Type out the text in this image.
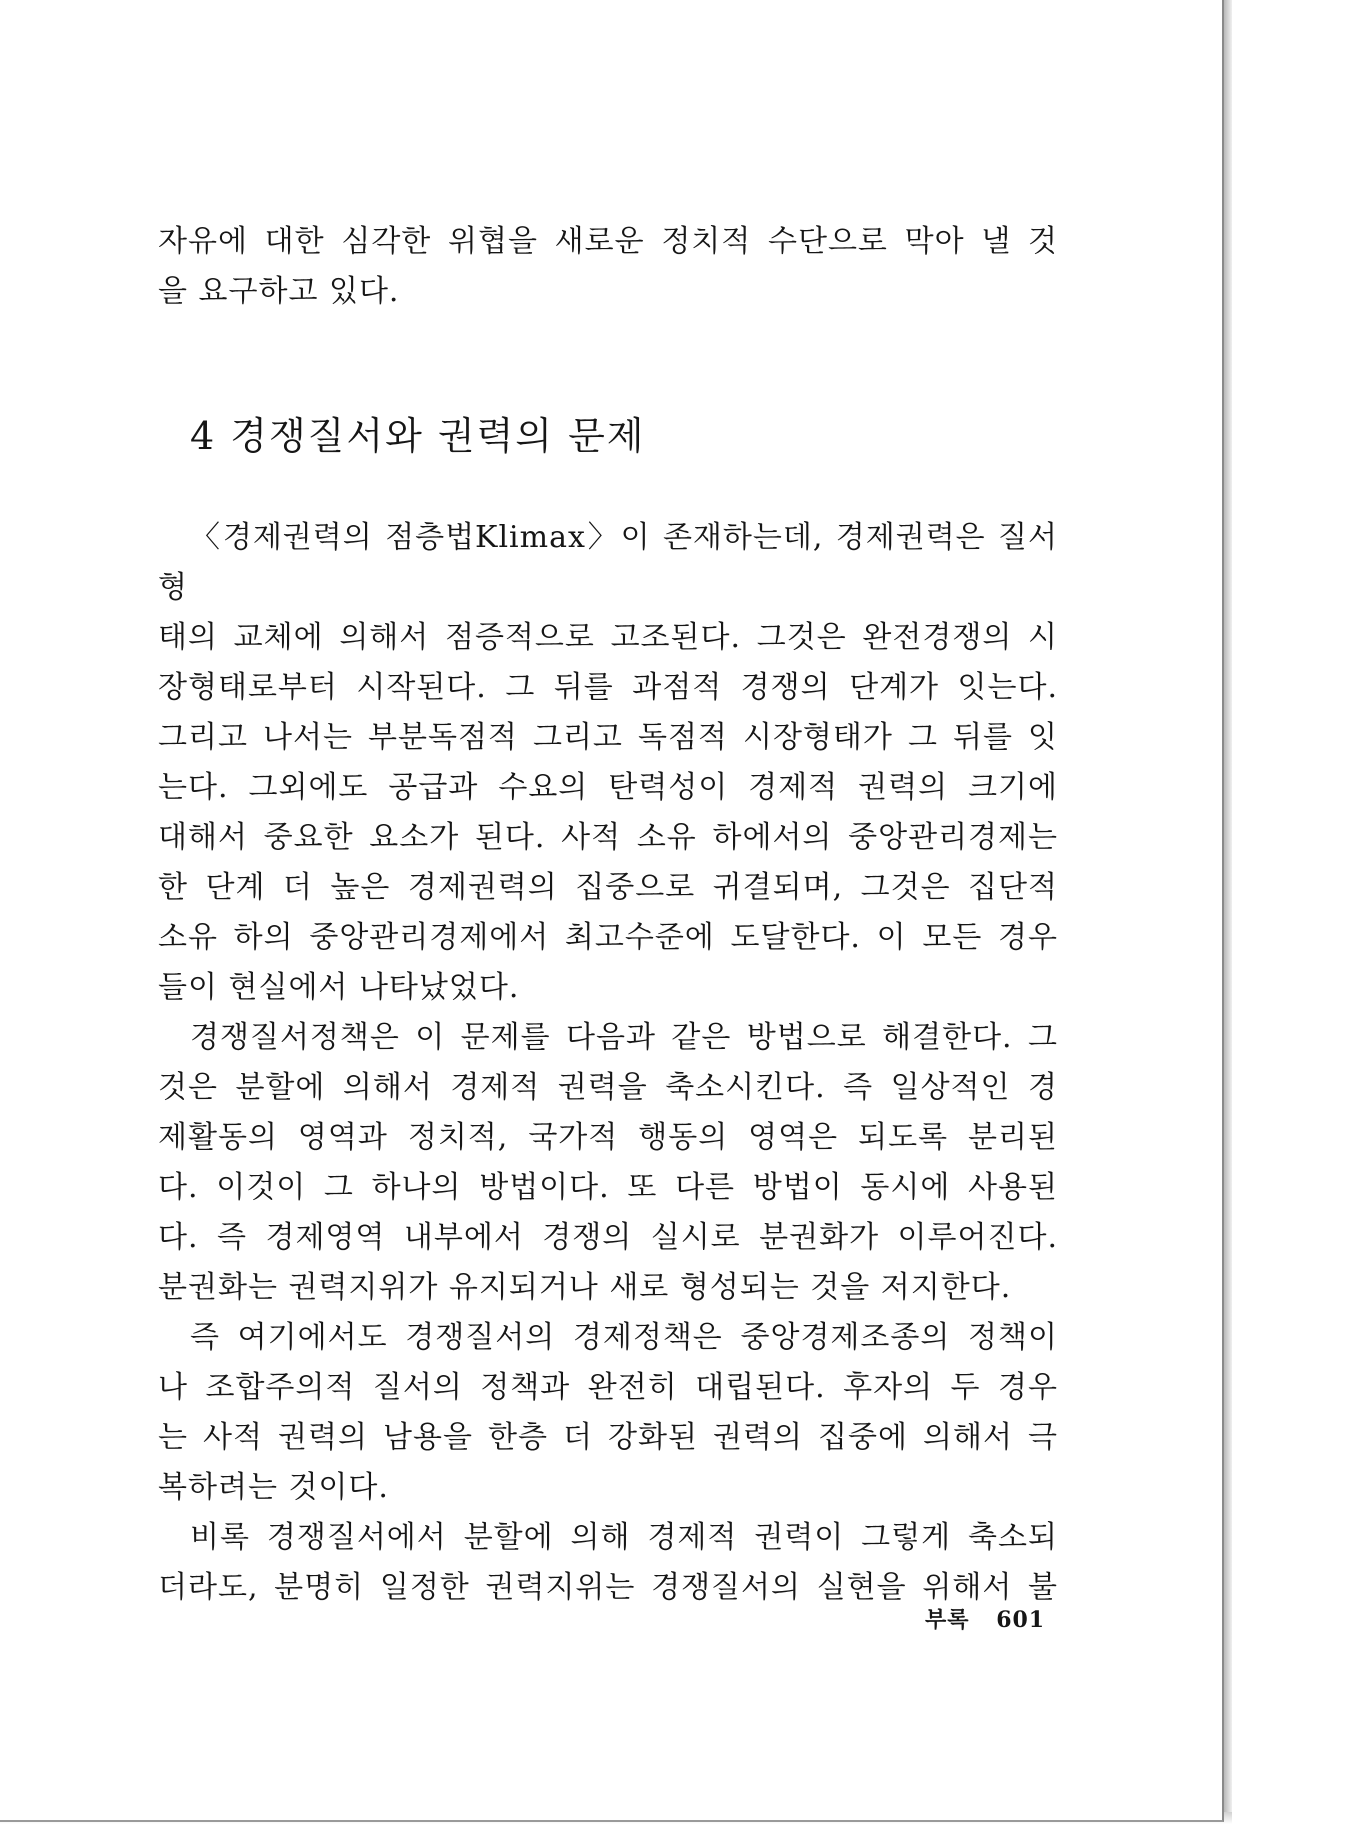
자유에 대한 심각한 위협을 새로운 정치적 수단으로 막아 낼 것

을 요구하고 있다.

4 경쟁질서와 권력의 문제

〈경제권력의 점층법Klimax〉이 존재하는데, 경제권력은 질서형

태의 교체에 의해서 점증적으로 고조된다. 그것은 완전경쟁의 시

장형태로부터 시작된다. 그 뒤를 과점적 경쟁의 단계가 잇는다.

그리고 나서는 부분독점적 그리고 독점적 시장형태가 그 뒤를 잇

는다. 그외에도 공급과 수요의 탄력성이 경제적 권력의 크기에

대해서 중요한 요소가 된다. 사적 소유 하에서의 중앙관리경제는

한 단계 더 높은 경제권력의 집중으로 귀결되며, 그것은 집단적

소유 하의 중앙관리경제에서 최고수준에 도달한다. 이 모든 경우

들이 현실에서 나타났었다.

경쟁질서정책은 이 문제를 다음과 같은 방법으로 해결한다. 그

것은 분할에 의해서 경제적 권력을 축소시킨다. 즉 일상적인 경

제활동의 영역과 정치적, 국가적 행동의 영역은 되도록 분리된

다. 이것이 그 하나의 방법이다. 또 다른 방법이 동시에 사용된

다. 즉 경제영역 내부에서 경쟁의 실시로 분권화가 이루어진다.

분권화는 권력지위가 유지되거나 새로 형성되는 것을 저지한다.

즉 여기에서도 경쟁질서의 경제정책은 중앙경제조종의 정책이

나 조합주의적 질서의 정책과 완전히 대립된다. 후자의 두 경우

는 사적 권력의 남용을 한층 더 강화된 권력의 집중에 의해서 극

복하려는 것이다.

비록 경쟁질서에서 분할에 의해 경제적 권력이 그렇게 축소되

더라도, 분명히 일정한 권력지위는 경쟁질서의 실현을 위해서 불

부록 601
